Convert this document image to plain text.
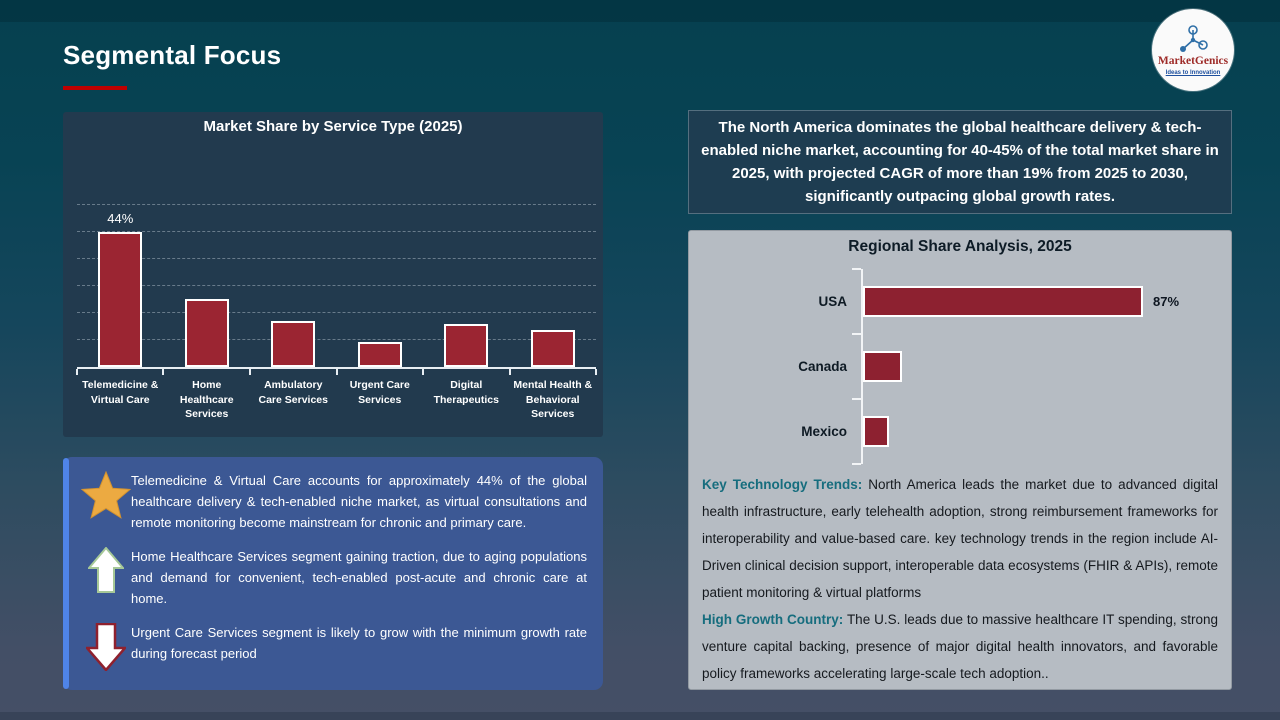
Segmental Focus	MarketGenics
Ideas to Innovation
Market Share by Service Type (2025)
44%
Telemedicine & Virtual Care
Home Healthcare Services
Ambulatory Care Services
Urgent Care Services
Digital Therapeutics
Mental Health & Behavioral Services
Telemedicine & Virtual Care accounts for approximately 44% of the global healthcare delivery & tech-enabled niche market, as virtual consultations and remote monitoring become mainstream for chronic and primary care.
Home Healthcare Services segment gaining traction, due to aging populations and demand for convenient, tech-enabled post-acute and chronic care at home.
Urgent Care Services segment is likely to grow with the minimum growth rate during forecast period
The North America dominates the global healthcare delivery & tech-enabled niche market, accounting for 40-45% of the total market share in 2025, with projected CAGR of more than 19% from 2025 to 2030, significantly outpacing global growth rates.
Regional Share Analysis, 2025
USA	87%
Canada
Mexico

Key Technology Trends: North America leads the market due to advanced digital health infrastructure, early telehealth adoption, strong reimbursement frameworks for interoperability and value-based care. key technology trends in the region include AI-Driven clinical decision support, interoperable data ecosystems (FHIR & APIs), remote patient monitoring & virtual platforms

High Growth Country: The U.S. leads due to massive healthcare IT spending, strong venture capital backing, presence of major digital health innovators, and favorable policy frameworks accelerating large-scale tech adoption..
